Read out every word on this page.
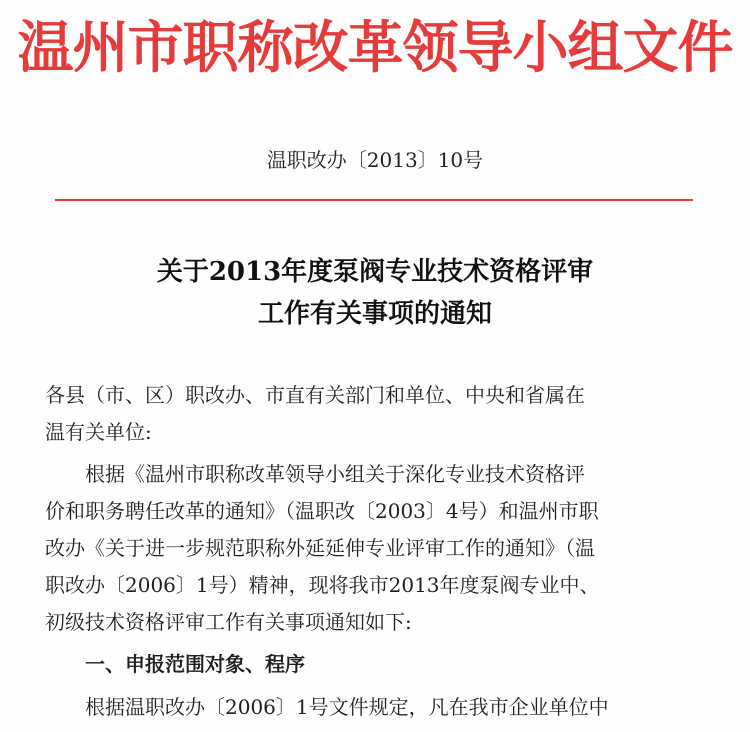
温州市职称改革领导小组文件
温职改办〔2013〕10号
关于2013年度泵阀专业技术资格评审
工作有关事项的通知
各县（市、区）职改办、市直有关部门和单位、中央和省属在
温有关单位:
　　根据《温州市职称改革领导小组关于深化专业技术资格评
价和职务聘任改革的通知》（温职改〔2003〕4号）和温州市职
改办《关于进一步规范职称外延延伸专业评审工作的通知》（温
职改办〔2006〕1号）精神，现将我市2013年度泵阀专业中、
初级技术资格评审工作有关事项通知如下:
　　一、申报范围对象、程序
　　根据温职改办〔2006〕1号文件规定，凡在我市企业单位中
